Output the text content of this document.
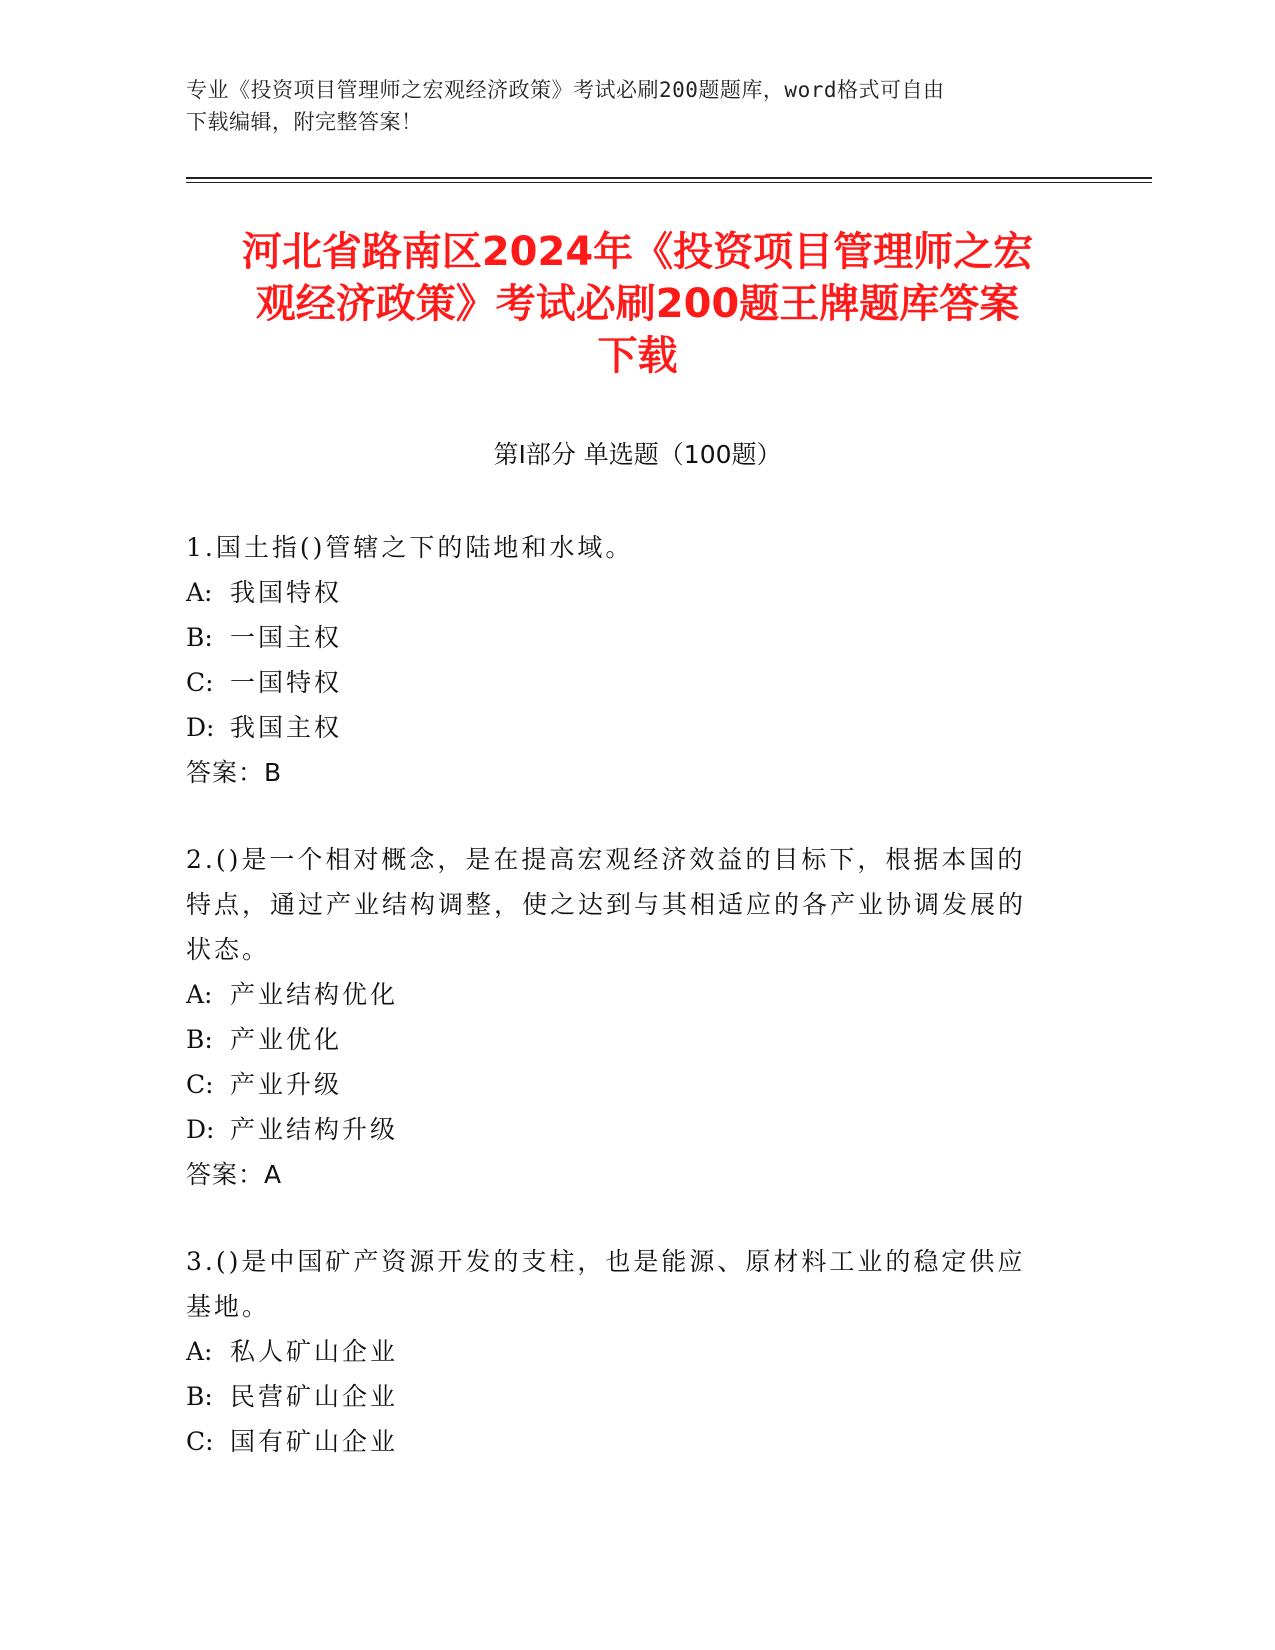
专业《投资项目管理师之宏观经济政策》考试必刷200题题库，word格式可自由
下载编辑，附完整答案！
河北省路南区2024年《投资项目管理师之宏
观经济政策》考试必刷200题王牌题库答案
下载
第Ⅰ部分 单选题（100题）
1.国土指()管辖之下的陆地和水域。
A: 我国特权
B: 一国主权
C: 一国特权
D: 我国主权
答案：B
2.()是一个相对概念，是在提高宏观经济效益的目标下，根据本国的
特点，通过产业结构调整，使之达到与其相适应的各产业协调发展的
状态。
A: 产业结构优化
B: 产业优化
C: 产业升级
D: 产业结构升级
答案：A
3.()是中国矿产资源开发的支柱，也是能源、原材料工业的稳定供应
基地。
A: 私人矿山企业
B: 民营矿山企业
C: 国有矿山企业
